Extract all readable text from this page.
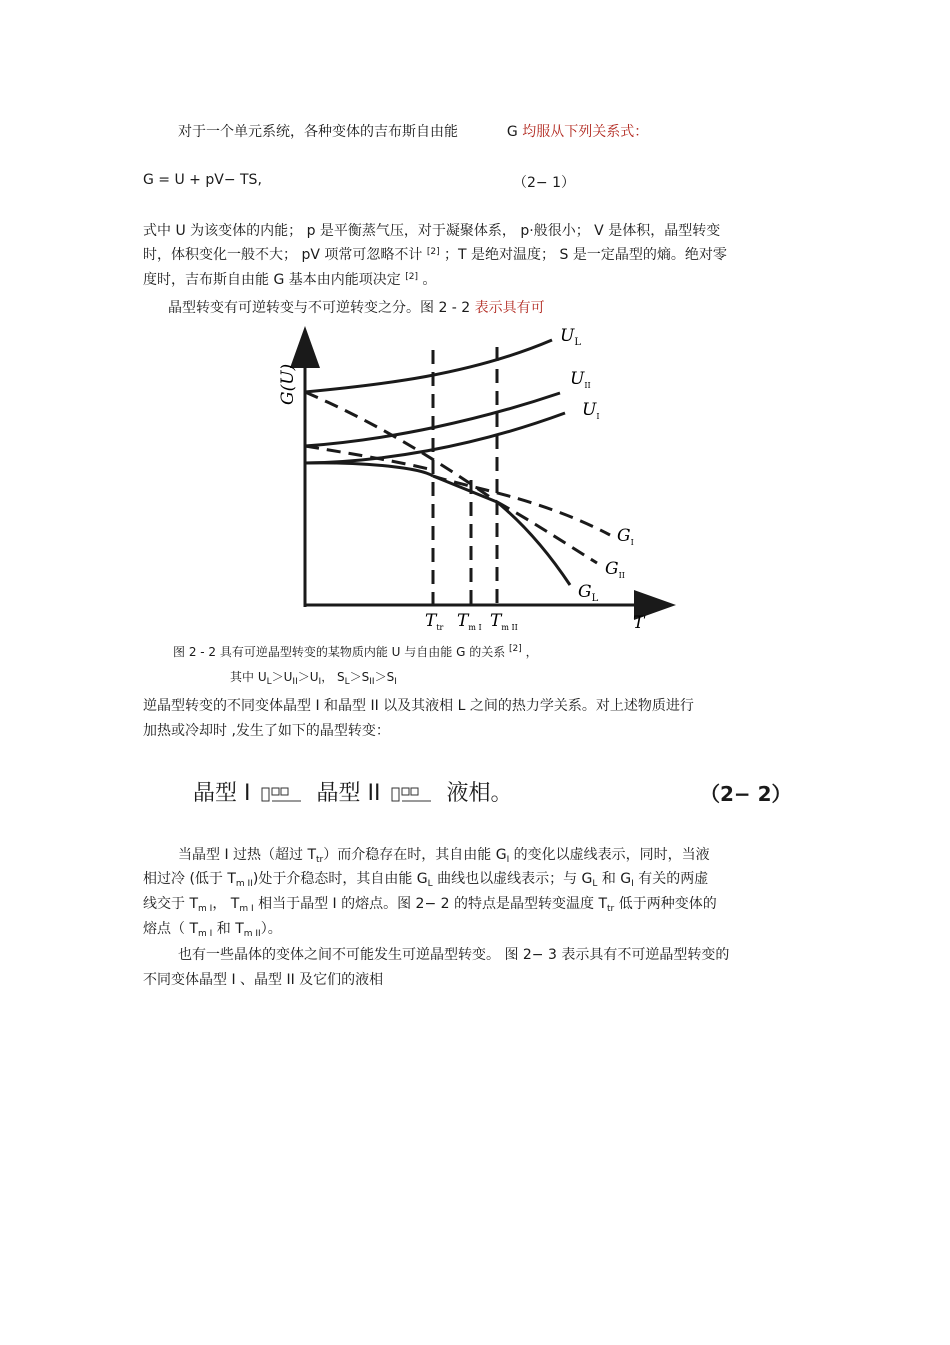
对于一个单元系统，各种变体的吉布斯自由能	G 均服从下列关系式：
G = U + pV− TS,	（2− 1）
式中 U 为该变体的内能； p 是平衡蒸气压，对于凝聚体系， p·般很小； V 是体积，晶型转变
时，体积变化一般不大； pV 项常可忽略不计 [2] ；T 是绝对温度； S 是一定晶型的熵。绝对零
度时，吉布斯自由能 G 基本由内能项决定 [2] 。
晶型转变有可逆转变与不可逆转变之分。图 2 - 2 表示具有可
G(U)
$U_L$
$U_{II}$
$U_I$
$G_I$
$G_{II}$
$G_L$
$T_{tr}$ $T_{m I}$ $T_{m II}$	T
图 2 - 2 具有可逆晶型转变的某物质内能 U 与自由能 G 的关系 [2] ，
其中 $U_L>U_{II}>U_I$， $S_L>S_{II}>S_I$
逆晶型转变的不同变体晶型 I 和晶型 II 以及其液相 L 之间的热力学关系。对上述物质进行
加热或冷却时 ,发生了如下的晶型转变：
晶型 I	晶型 II	液相。	（2− 2）
当晶型 I 过热（超过 $T_{tr}$）而介稳存在时，其自由能 $G_I$ 的变化以虚线表示，同时，当液
相过冷 (低于 $T_{m II}$)处于介稳态时，其自由能 $G_L$ 曲线也以虚线表示；与 $G_L$ 和 $G_I$ 有关的两虚
线交于 $T_{m I}$， $T_{m I}$ 相当于晶型 I 的熔点。图 2− 2 的特点是晶型转变温度 $T_{tr}$ 低于两种变体的
熔点（ $T_{m I}$ 和 $T_{m II}$）。
也有一些晶体的变体之间不可能发生可逆晶型转变。 图 2− 3 表示具有不可逆晶型转变的
不同变体晶型 I 、晶型 II 及它们的液相
